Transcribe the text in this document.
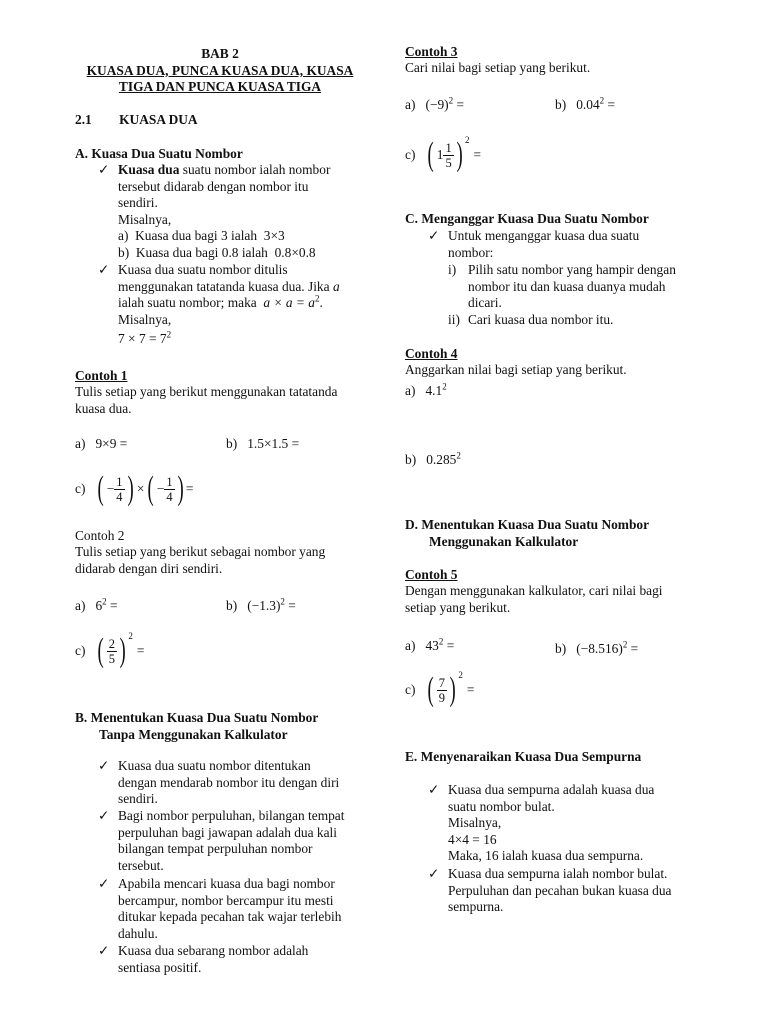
BAB 2
KUASA DUA, PUNCA KUASA DUA, KUASA
TIGA DAN PUNCA KUASA TIGA
2.1 KUASA DUA
A. Kuasa Dua Suatu Nombor
✓ Kuasa dua suatu nombor ialah nombor
tersebut didarab dengan nombor itu
sendiri.
Misalnya,
a) Kuasa dua bagi 3 ialah 3×3
b) Kuasa dua bagi 0.8 ialah 0.8×0.8
✓ Kuasa dua suatu nombor ditulis
menggunakan tatatanda kuasa dua. Jika a
ialah suatu nombor; maka $a \times a = a^2$.
Misalnya,
$7 \times 7 = 7^2$
Contoh 1
Tulis setiap yang berikut menggunakan tatatanda
kuasa dua.
a) 9×9 =	b) 1.5×1.5 =
c) ( − $\frac{1}{4}$ ) × ( − $\frac{1}{4}$ ) =
Contoh 2
Tulis setiap yang berikut sebagai nombor yang
didarab dengan diri sendiri.
a) $6^2$ =	b) $(-1.3)^2$ =
c) ( $\frac{2}{5}$ ) 2
=
B. Menentukan Kuasa Dua Suatu Nombor
Tanpa Menggunakan Kalkulator
✓ Kuasa dua suatu nombor ditentukan
dengan mendarab nombor itu dengan diri
sendiri.
✓ Bagi nombor perpuluhan, bilangan tempat
perpuluhan bagi jawapan adalah dua kali
bilangan tempat perpuluhan nombor
tersebut.
✓ Apabila mencari kuasa dua bagi nombor
bercampur, nombor bercampur itu mesti
ditukar kepada pecahan tak wajar terlebih
dahulu.
✓ Kuasa dua sebarang nombor adalah
sentiasa positif.
Contoh 3
Cari nilai bagi setiap yang berikut.
a) $(-9)^2$ =	b) $0.04^2$ =
c) ( $1 \frac{1}{5}$ ) 2
=
C. Menganggar Kuasa Dua Suatu Nombor
✓ Untuk menganggar kuasa dua suatu
nombor:
i) Pilih satu nombor yang hampir dengan
nombor itu dan kuasa duanya mudah
dicari.
ii) Cari kuasa dua nombor itu.
Contoh 4
Anggarkan nilai bagi setiap yang berikut.
a) $4.1^2$
b) 0.285$^2$
D. Menentukan Kuasa Dua Suatu Nombor
Menggunakan Kalkulator
Contoh 5
Dengan menggunakan kalkulator, cari nilai bagi
setiap yang berikut.
a) $43^2$ =	b) $(-8.516)^2$ =
c) ( $\frac{7}{9}$ ) 2
=
E. Menyenaraikan Kuasa Dua Sempurna
✓ Kuasa dua sempurna adalah kuasa dua
suatu nombor bulat.
Misalnya,
4×4 = 16
Maka, 16 ialah kuasa dua sempurna.
✓ Kuasa dua sempurna ialah nombor bulat.
Perpuluhan dan pecahan bukan kuasa dua
sempurna.
